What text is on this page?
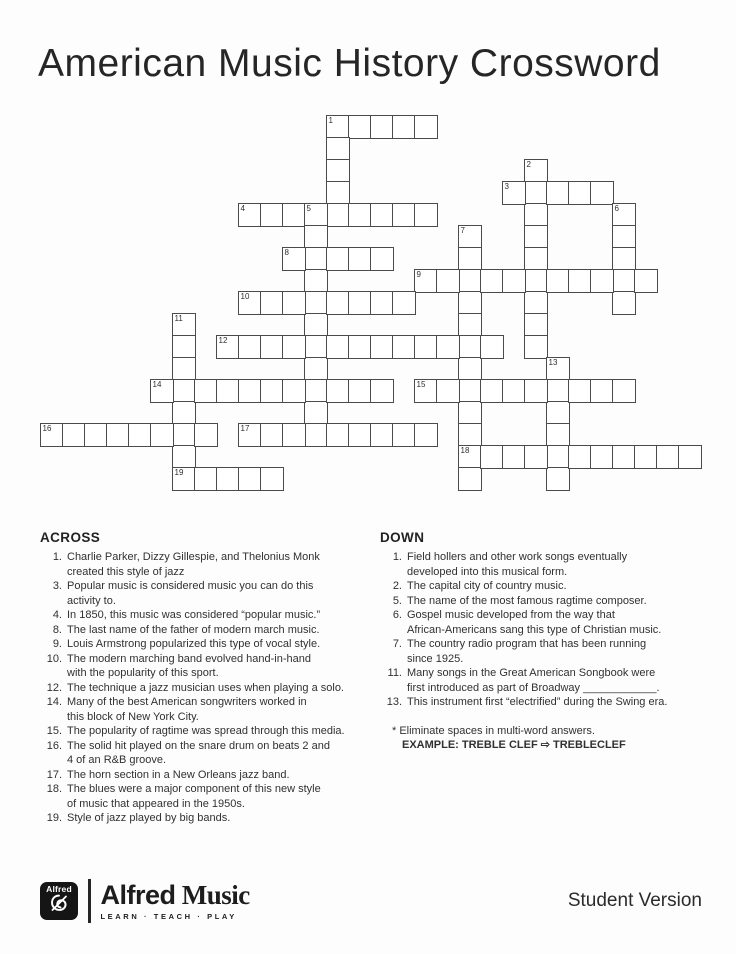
American Music History Crossword
1
2
3
4	5	6
7
8
9
10
11
12
13
14	15
16	17
18
19
ACROSS
1. Charlie Parker, Dizzy Gillespie, and Thelonius Monk
created this style of jazz
3. Popular music is considered music you can do this
activity to.
4. In 1850, this music was considered “popular music.”
8. The last name of the father of modern march music.
9. Louis Armstrong popularized this type of vocal style.
10. The modern marching band evolved hand-in-hand
with the popularity of this sport.
12. The technique a jazz musician uses when playing a solo.
14. Many of the best American songwriters worked in
this block of New York City.
15. The popularity of ragtime was spread through this media.
16. The solid hit played on the snare drum on beats 2 and
4 of an R&B groove.
17. The horn section in a New Orleans jazz band.
18. The blues were a major component of this new style
of music that appeared in the 1950s.
19. Style of jazz played by big bands.
DOWN
1. Field hollers and other work songs eventually
developed into this musical form.
2. The capital city of country music.
5. The name of the most famous ragtime composer.
6. Gospel music developed from the way that
African-Americans sang this type of Christian music.
7. The country radio program that has been running
since 1925.
11. Many songs in the Great American Songbook were
first introduced as part of Broadway ____________.
13. This instrument first “electrified” during the Swing era.
* Eliminate spaces in multi-word answers.
EXAMPLE: TREBLE CLEF ⇨ TREBLECLEF
Alfred Alfred Music
LEARN · TEACH · PLAY
Student Version
